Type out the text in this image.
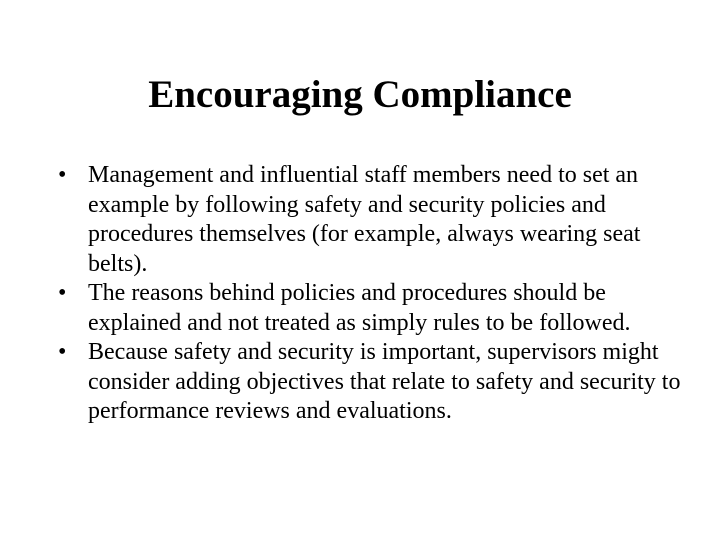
Encouraging Compliance
• Management and influential staff members need to set an example by following safety and security policies and procedures themselves (for example, always wearing seat belts).
• The reasons behind policies and procedures should be explained and not treated as simply rules to be followed.
• Because safety and security is important, supervisors might consider adding objectives that relate to safety and security to performance reviews and evaluations.
